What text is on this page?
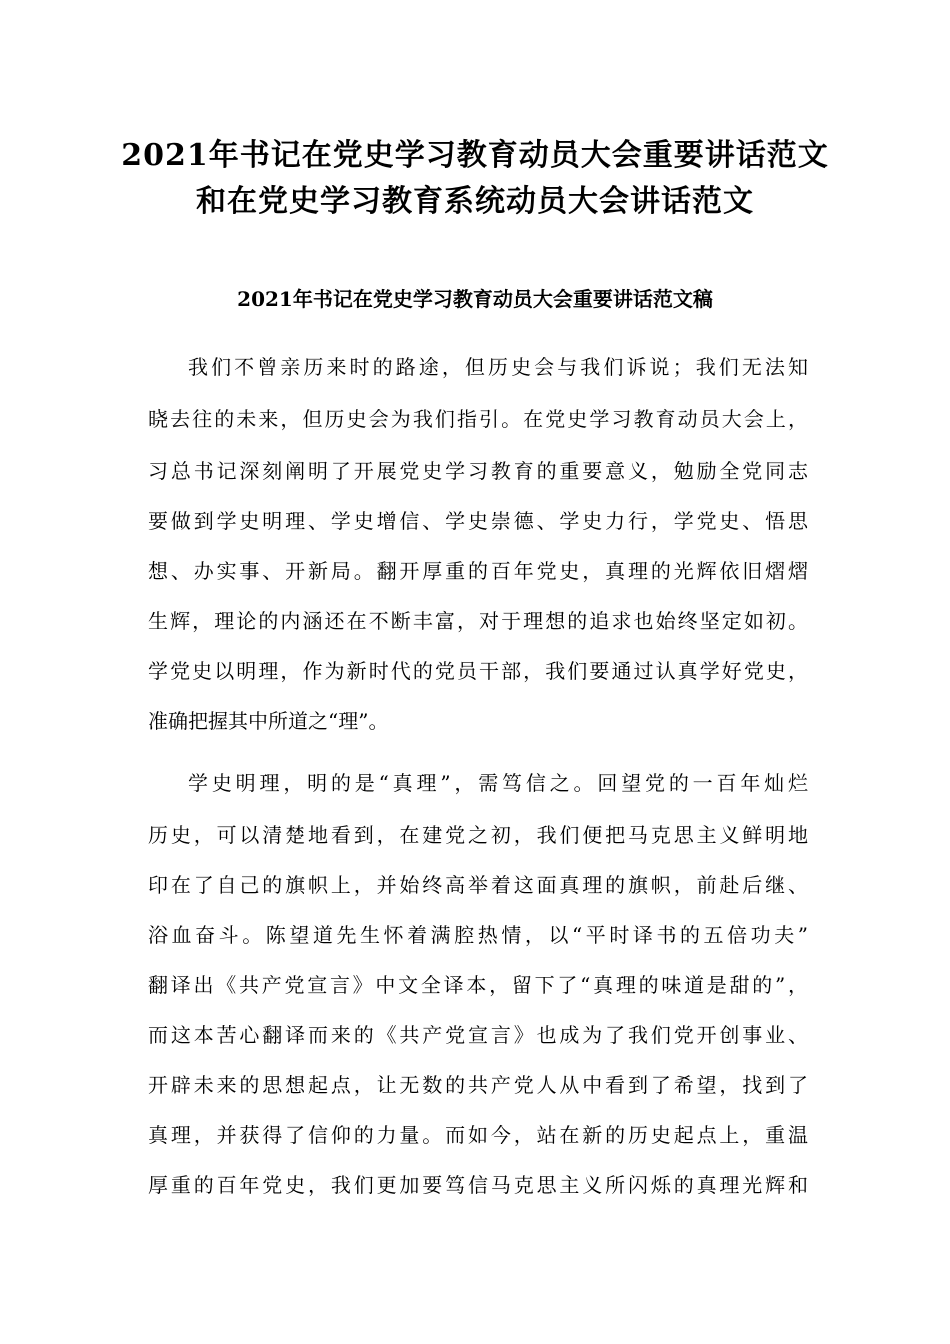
2021年书记在党史学习教育动员大会重要讲话范文
和在党史学习教育系统动员大会讲话范文
2021年书记在党史学习教育动员大会重要讲话范文稿
我们不曾亲历来时的路途，但历史会与我们诉说；我们无法知
晓去往的未来，但历史会为我们指引。在党史学习教育动员大会上，
习总书记深刻阐明了开展党史学习教育的重要意义，勉励全党同志
要做到学史明理、学史增信、学史崇德、学史力行，学党史、悟思
想、办实事、开新局。翻开厚重的百年党史，真理的光辉依旧熠熠
生辉，理论的内涵还在不断丰富，对于理想的追求也始终坚定如初。
学党史以明理，作为新时代的党员干部，我们要通过认真学好党史，
准确把握其中所道之“理”。
学史明理，明的是“真理”，需笃信之。回望党的一百年灿烂
历史，可以清楚地看到，在建党之初，我们便把马克思主义鲜明地
印在了自己的旗帜上，并始终高举着这面真理的旗帜，前赴后继、
浴血奋斗。陈望道先生怀着满腔热情，以“平时译书的五倍功夫”
翻译出《共产党宣言》中文全译本，留下了“真理的味道是甜的”，
而这本苦心翻译而来的《共产党宣言》也成为了我们党开创事业、
开辟未来的思想起点，让无数的共产党人从中看到了希望，找到了
真理，并获得了信仰的力量。而如今，站在新的历史起点上，重温
厚重的百年党史，我们更加要笃信马克思主义所闪烁的真理光辉和
